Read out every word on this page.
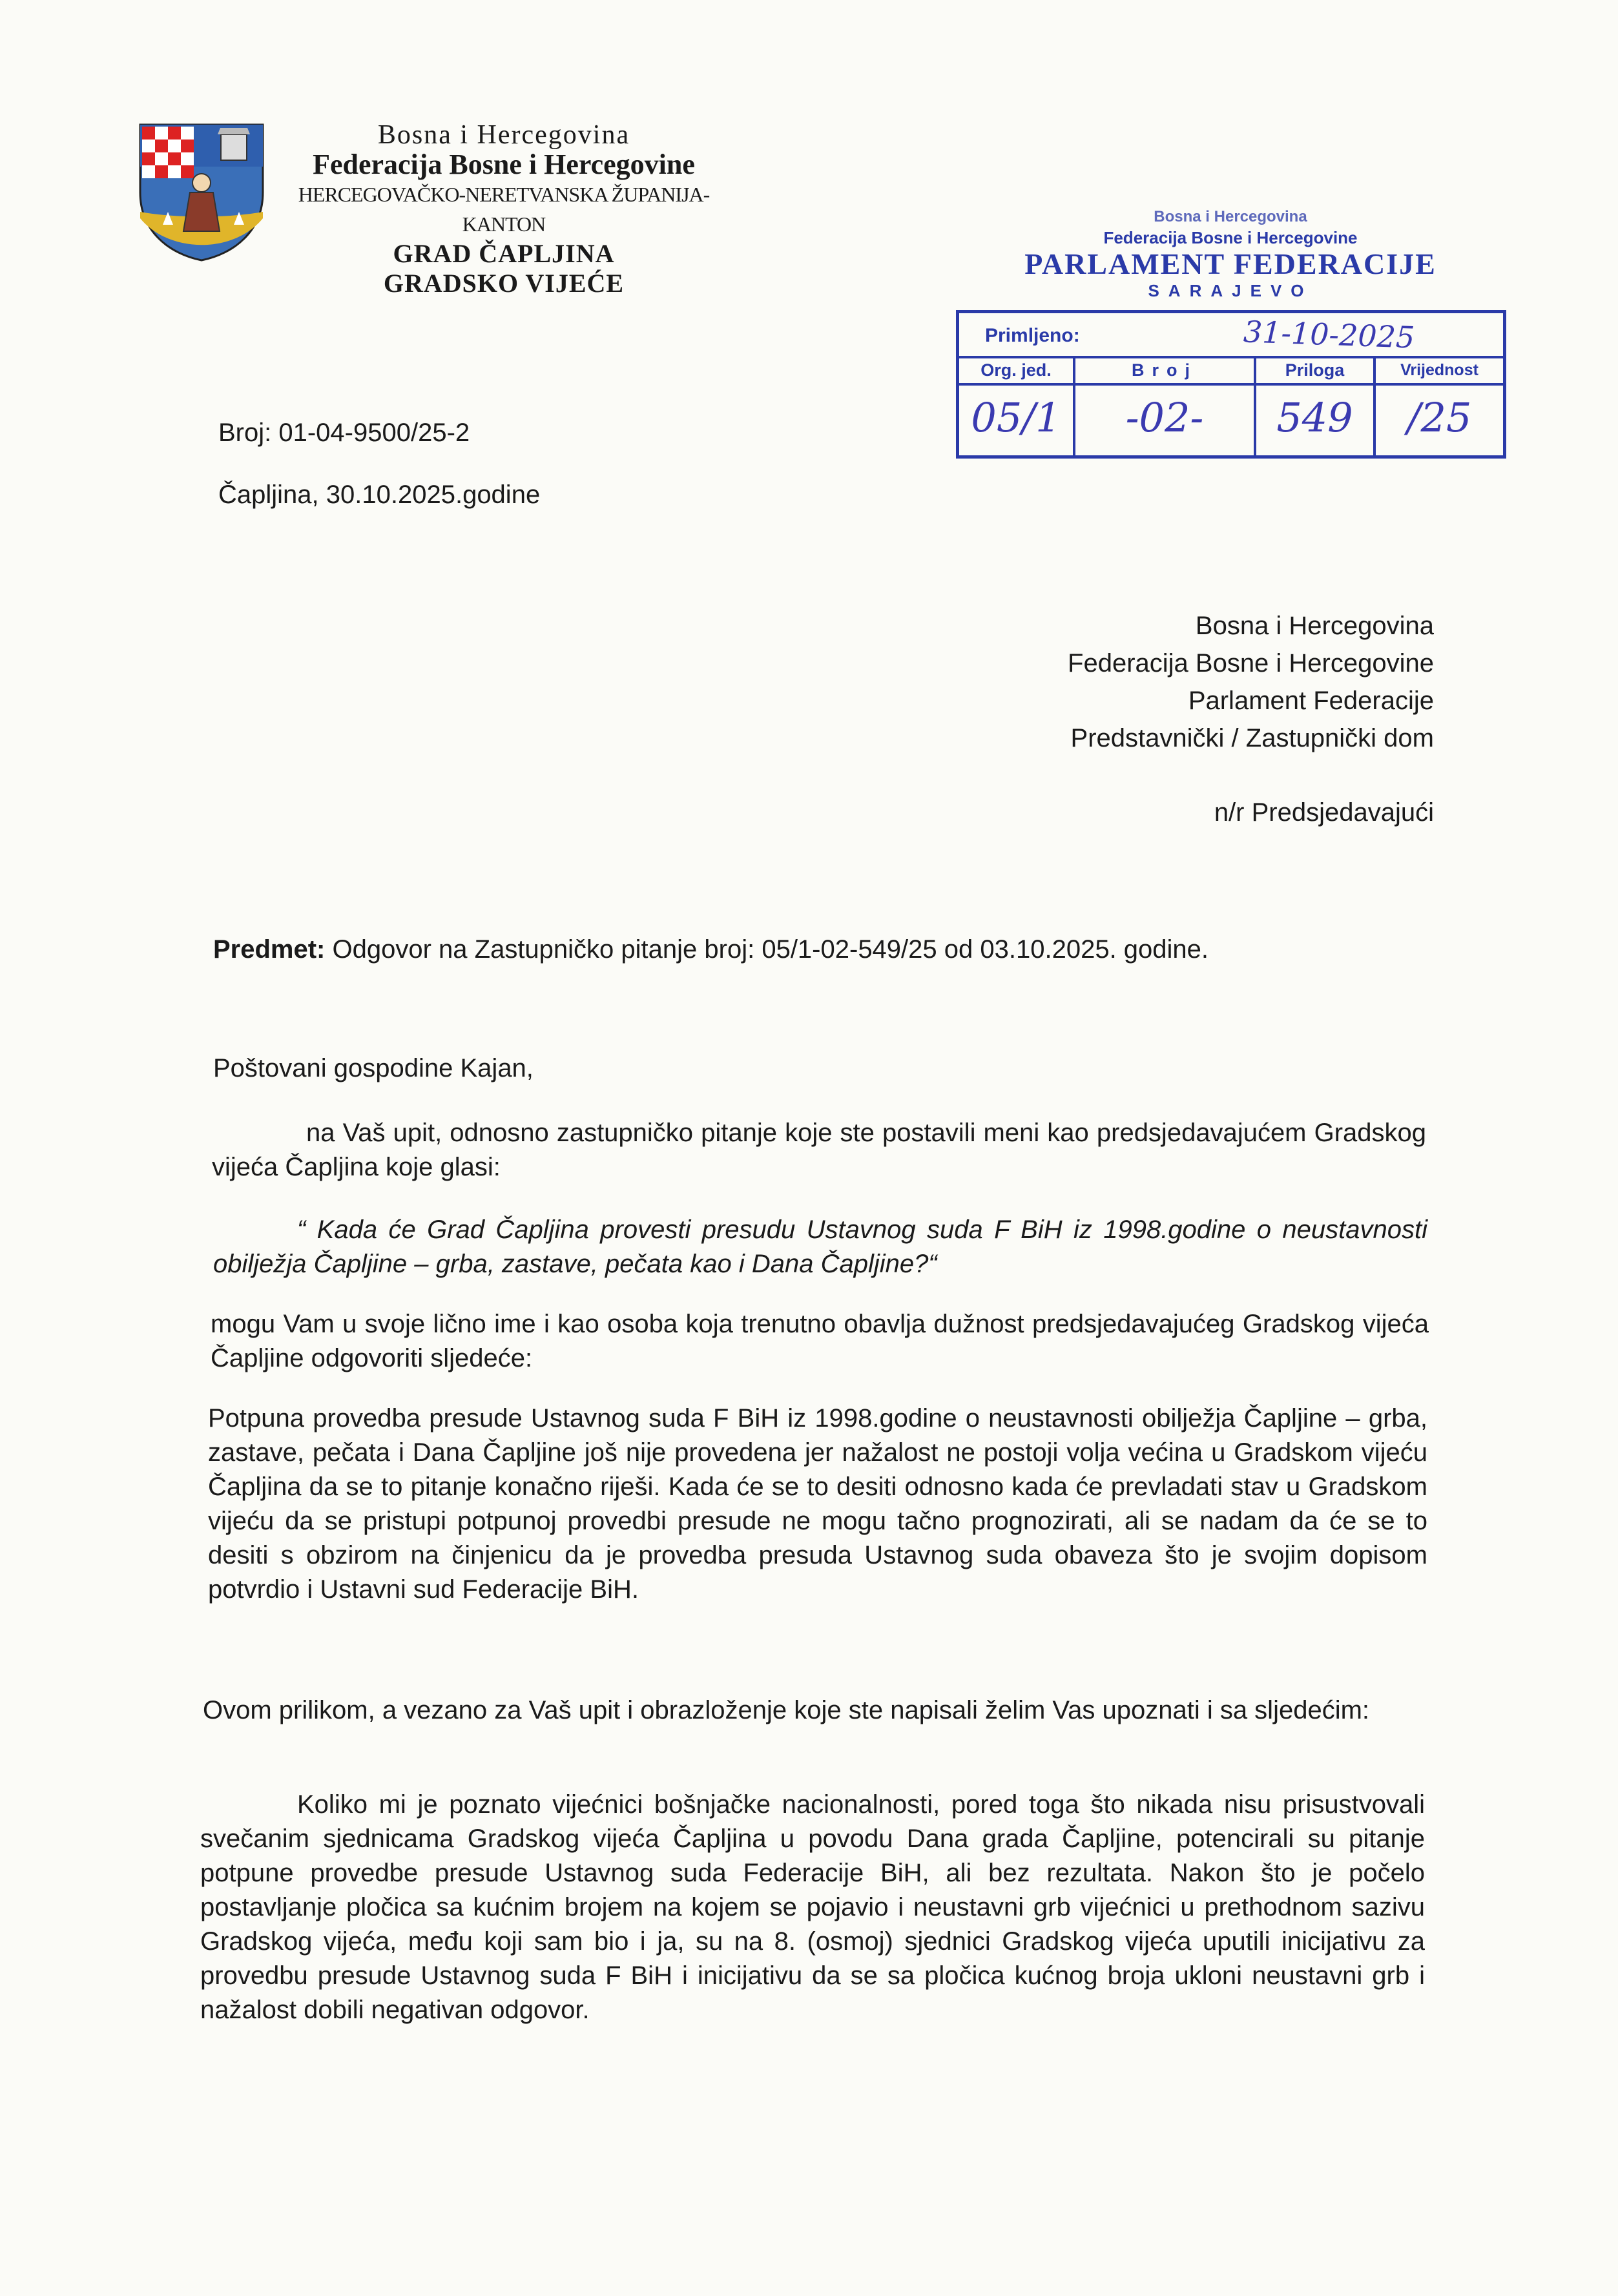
Bosna i Hercegovina
Federacija Bosne i Hercegovine
HERCEGOVAČKO-NERETVANSKA ŽUPANIJA-KANTON
GRAD ČAPLJINA
GRADSKO VIJEĆE
Bosna i Hercegovina
Federacija Bosne i Hercegovine
PARLAMENT FEDERACIJE
SARAJEVO
Primljeno:	31-10-2025
Org. jed.
05/1
Broj
-02-
Priloga
549
Vrijednost
/25
Broj: 01-04-9500/25-2
Čapljina, 30.10.2025.godine
Bosna i Hercegovina
Federacija Bosne i Hercegovine
Parlament Federacije
Predstavnički / Zastupnički dom
n/r Predsjedavajući
Predmet: Odgovor na Zastupničko pitanje broj: 05/1-02-549/25 od 03.10.2025. godine.
Poštovani gospodine Kajan,
na Vaš upit, odnosno zastupničko pitanje koje ste postavili meni kao predsjedavajućem Gradskog vijeća Čapljina koje glasi:
“ Kada će Grad Čapljina provesti presudu Ustavnog suda F BiH iz 1998.godine o neustavnosti obilježja Čapljine – grba, zastave, pečata kao i Dana Čapljine?“
mogu Vam u svoje lično ime i kao osoba koja trenutno obavlja dužnost predsjedavajućeg Gradskog vijeća Čapljine odgovoriti sljedeće:
Potpuna provedba presude Ustavnog suda F BiH iz 1998.godine o neustavnosti obilježja Čapljine – grba, zastave, pečata i Dana Čapljine još nije provedena jer nažalost ne postoji volja većina u Gradskom vijeću Čapljina da se to pitanje konačno riješi. Kada će se to desiti odnosno kada će prevladati stav u Gradskom vijeću da se pristupi potpunoj provedbi presude ne mogu tačno prognozirati, ali se nadam da će se to desiti s obzirom na činjenicu da je provedba presuda Ustavnog suda obaveza što je svojim dopisom potvrdio i Ustavni sud Federacije BiH.
Ovom prilikom, a vezano za Vaš upit i obrazloženje koje ste napisali želim Vas upoznati i sa sljedećim:
Koliko mi je poznato vijećnici bošnjačke nacionalnosti, pored toga što nikada nisu prisustvovali svečanim sjednicama Gradskog vijeća Čapljina u povodu Dana grada Čapljine, potencirali su pitanje potpune provedbe presude Ustavnog suda Federacije BiH, ali bez rezultata. Nakon što je počelo postavljanje pločica sa kućnim brojem na kojem se pojavio i neustavni grb vijećnici u prethodnom sazivu Gradskog vijeća, među koji sam bio i ja, su na 8. (osmoj) sjednici Gradskog vijeća uputili inicijativu za provedbu presude Ustavnog suda F BiH i inicijativu da se sa pločica kućnog broja ukloni neustavni grb i nažalost dobili negativan odgovor.
